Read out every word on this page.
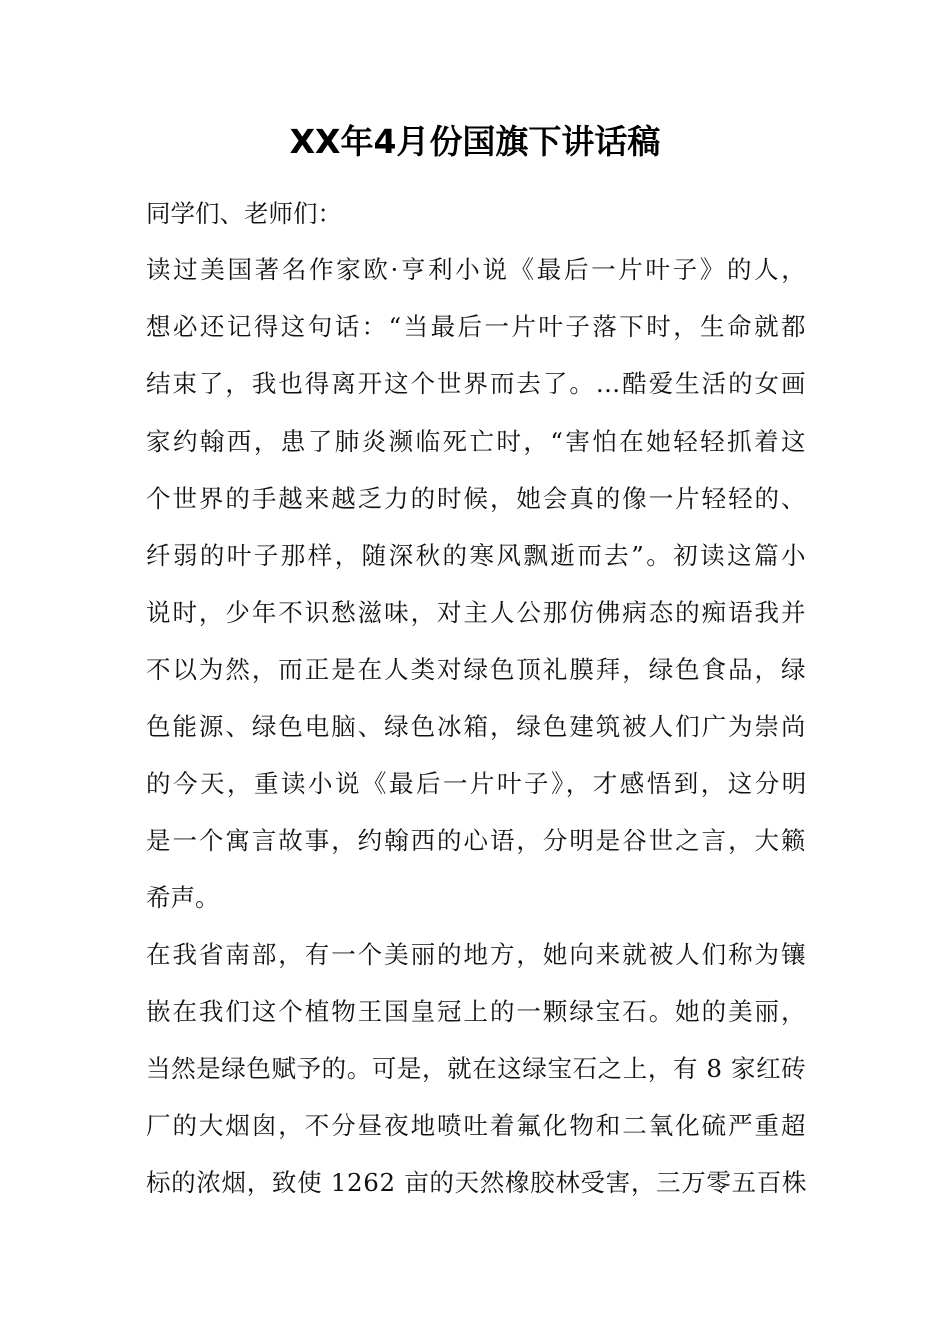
XX年4月份国旗下讲话稿
同学们、老师们：
读过美国著名作家欧·亨利小说《最后一片叶子》的人，
想必还记得这句话：“当最后一片叶子落下时，生命就都
结束了，我也得离开这个世界而去了。…酷爱生活的女画
家约翰西，患了肺炎濒临死亡时，“害怕在她轻轻抓着这
个世界的手越来越乏力的时候，她会真的像一片轻轻的、
纤弱的叶子那样，随深秋的寒风飘逝而去”。初读这篇小
说时，少年不识愁滋味，对主人公那仿佛病态的痴语我并
不以为然，而正是在人类对绿色顶礼膜拜，绿色食品，绿
色能源、绿色电脑、绿色冰箱，绿色建筑被人们广为崇尚
的今天，重读小说《最后一片叶子》，才感悟到，这分明
是一个寓言故事，约翰西的心语，分明是谷世之言，大籁
希声。
在我省南部，有一个美丽的地方，她向来就被人们称为镶
嵌在我们这个植物王国皇冠上的一颗绿宝石。她的美丽，
当然是绿色赋予的。可是，就在这绿宝石之上，有 8 家红砖
厂的大烟囱，不分昼夜地喷吐着氟化物和二氧化硫严重超
标的浓烟，致使 1262 亩的天然橡胶林受害，三万零五百株
